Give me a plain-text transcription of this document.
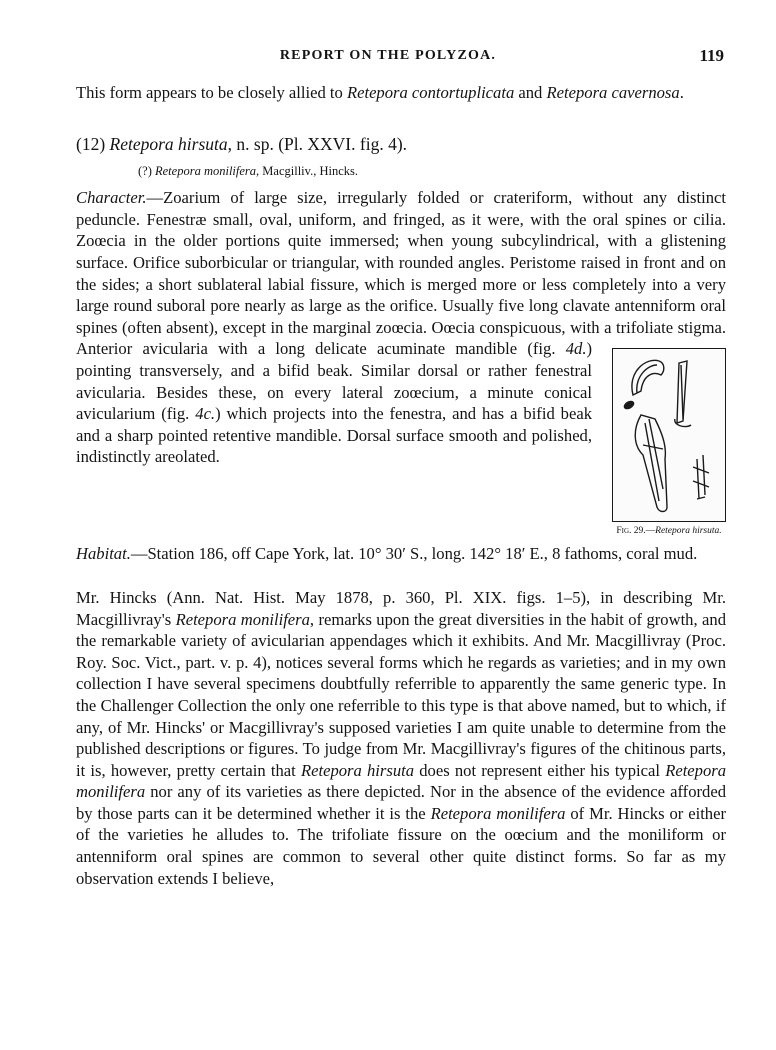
REPORT ON THE POLYZOA.	119

This form appears to be closely allied to Retepora contortuplicata and Retepora cavernosa.

(12) Retepora hirsuta, n. sp. (Pl. XXVI. fig. 4).

(?) Retepora monilifera, Macgilliv., Hincks.

Character.—Zoarium of large size, irregularly folded or crateriform, without any distinct peduncle. Fenestræ small, oval, uniform, and fringed, as it were, with the oral spines or cilia. Zoœcia in the older portions quite immersed; when young subcylindrical, with a glistening surface. Orifice suborbicular or triangular, with rounded angles. Peristome raised in front and on the sides; a short sublateral labial fissure, which is merged more or less completely into a very large round suboral pore nearly as large as the orifice. Usually five long clavate antenniform oral spines (often absent), except in the marginal zoœcia. Oœcia conspicuous, with a trifoliate stigma. Anterior avicularia with a long delicate acuminate mandible (fig.
Fig. 29.—Retepora hirsuta.
4d.) pointing transversely, and a bifid beak. Similar dorsal or rather fenestral avicularia. Besides these, on every lateral zoœcium, a minute conical avicularium (fig. 4c.) which projects into the fenestra, and has a bifid beak and a sharp pointed retentive mandible. Dorsal surface smooth and polished, indistinctly areolated.

Habitat.—Station 186, off Cape York, lat. 10° 30′ S., long. 142° 18′ E., 8 fathoms, coral mud.

Mr. Hincks (Ann. Nat. Hist. May 1878, p. 360, Pl. XIX. figs. 1–5), in describing Mr. Macgillivray's Retepora monilifera, remarks upon the great diversities in the habit of growth, and the remarkable variety of avicularian appendages which it exhibits. And Mr. Macgillivray (Proc. Roy. Soc. Vict., part. v. p. 4), notices several forms which he regards as varieties; and in my own collection I have several specimens doubtfully referrible to apparently the same generic type. In the Challenger Collection the only one referrible to this type is that above named, but to which, if any, of Mr. Hincks' or Macgillivray's supposed varieties I am quite unable to determine from the published descriptions or figures. To judge from Mr. Macgillivray's figures of the chitinous parts, it is, however, pretty certain that Retepora hirsuta does not represent either his typical Retepora monilifera nor any of its varieties as there depicted. Nor in the absence of the evidence afforded by those parts can it be determined whether it is the Retepora monilifera of Mr. Hincks or either of the varieties he alludes to. The trifoliate fissure on the oœcium and the moniliform or antenniform oral spines are common to several other quite distinct forms. So far as my observation extends I believe,
